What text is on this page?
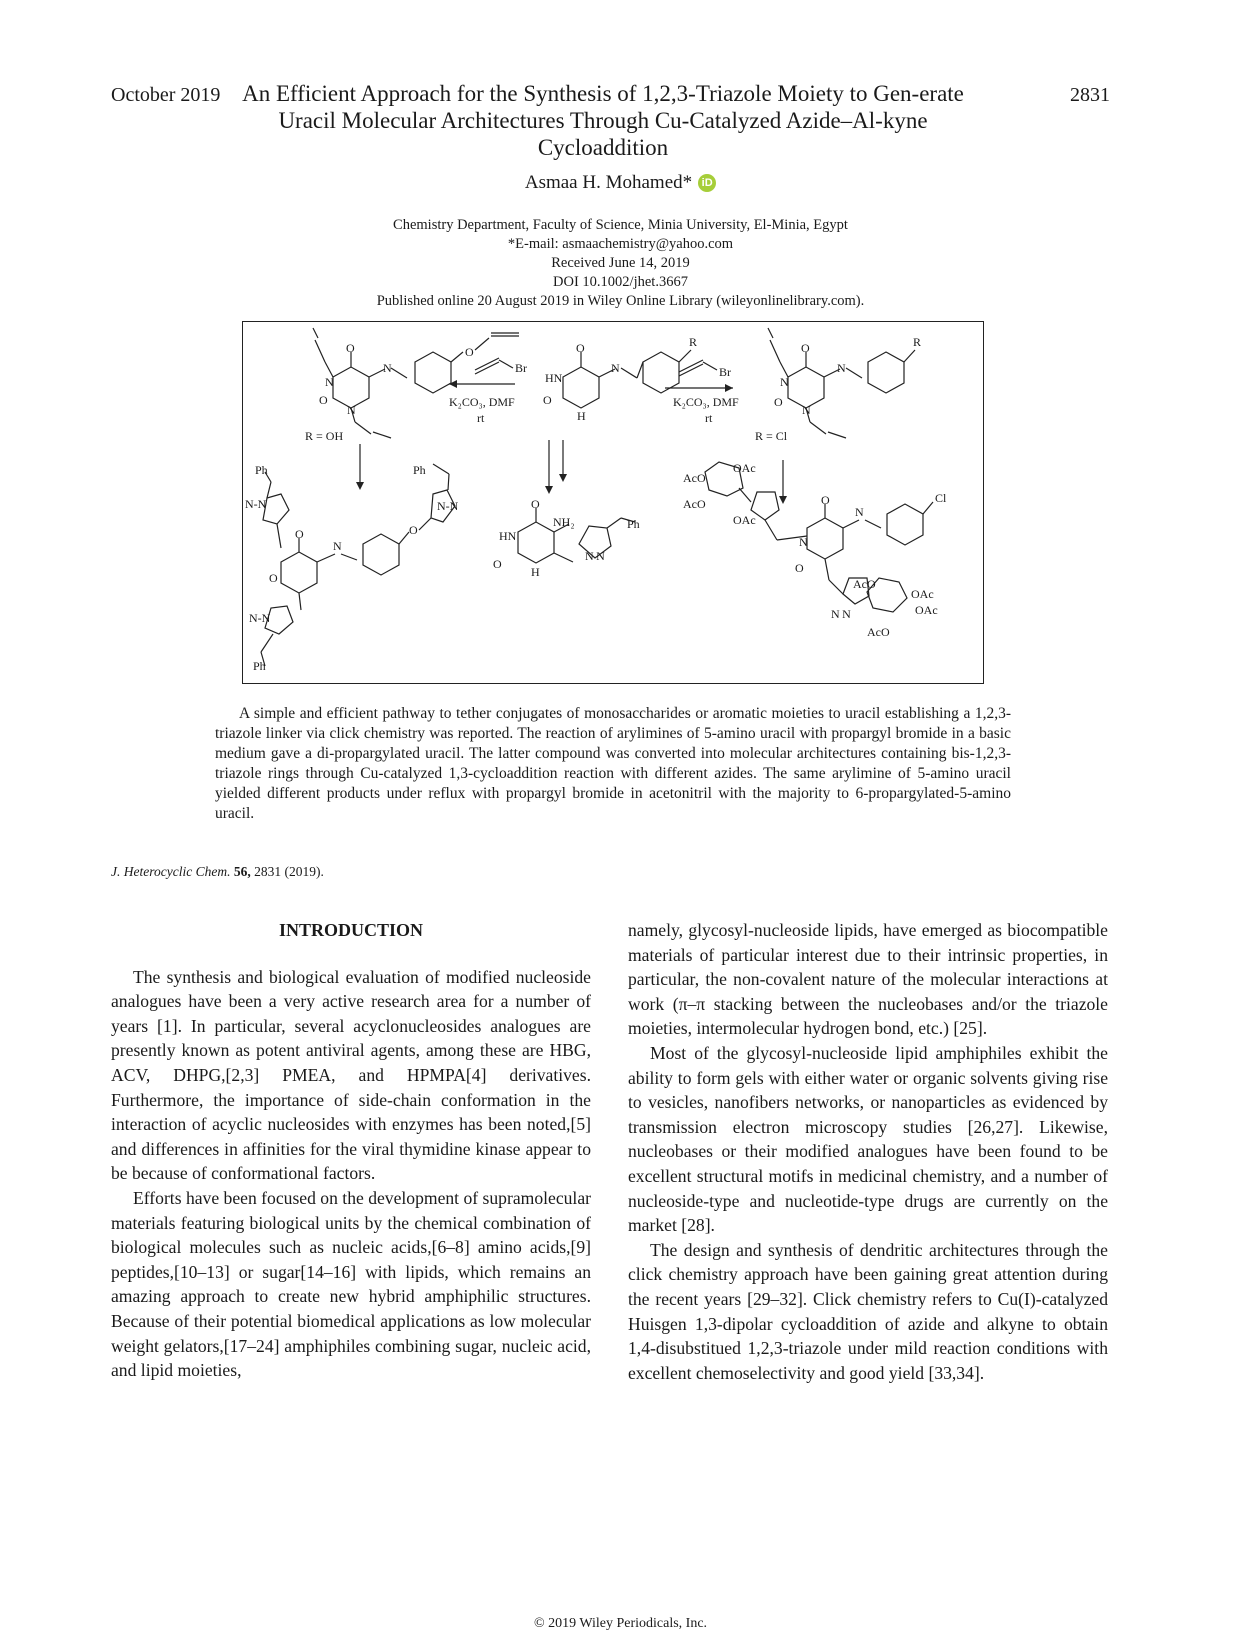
October 2019	2831
An Efficient Approach for the Synthesis of 1,2,3-Triazole Moiety to Gen-erate Uracil Molecular Architectures Through Cu-Catalyzed Azide–Al-kyne Cycloaddition
Asmaa H. Mohamed* iD
Chemistry Department, Faculty of Science, Minia University, El-Minia, Egypt
*E-mail: asmaachemistry@yahoo.com
Received June 14, 2019
DOI 10.1002/jhet.3667
Published online 20 August 2019 in Wiley Online Library (wileyonlinelibrary.com).
O
HN
O
H
N
R
O
N
O
N
N
O	O
N
O
N
N
R
Br
K₂CO₃, DMF
rt
Br
K₂CO₃, DMF
rt
R = OH	R = Cl
Ph	Ph
Ph
Ph
N‐N	N‐N
N‐N
N N
O
O
N
O
O
HN
O
H
NH₂
AcO
AcO
OAc
OAc
O
N
O
N
Cl
AcO
OAc
OAc
AcO
N N
A simple and efficient pathway to tether conjugates of monosaccharides or aromatic moieties to uracil establishing a 1,2,3-triazole linker via click chemistry was reported. The reaction of arylimines of 5-amino uracil with propargyl bromide in a basic medium gave a di-propargylated uracil. The latter compound was converted into molecular architectures containing bis-1,2,3-triazole rings through Cu-catalyzed 1,3-cycloaddition reaction with different azides. The same arylimine of 5-amino uracil yielded different products under reflux with propargyl bromide in acetonitril with the majority to 6-propargylated-5-amino uracil.
J. Heterocyclic Chem. 56, 2831 (2019).

INTRODUCTION

The synthesis and biological evaluation of modified nucleoside analogues have been a very active research area for a number of years [1]. In particular, several acyclonucleosides analogues are presently known as potent antiviral agents, among these are HBG, ACV, DHPG,[2,3] PMEA, and HPMPA[4] derivatives. Furthermore, the importance of side-chain conformation in the interaction of acyclic nucleosides with enzymes has been noted,[5] and differences in affinities for the viral thymidine kinase appear to be because of conformational factors.

Efforts have been focused on the development of supramolecular materials featuring biological units by the chemical combination of biological molecules such as nucleic acids,[6–8] amino acids,[9] peptides,[10–13] or sugar[14–16] with lipids, which remains an amazing approach to create new hybrid amphiphilic structures. Because of their potential biomedical applications as low molecular weight gelators,[17–24] amphiphiles combining sugar, nucleic acid, and lipid moieties,

namely, glycosyl-nucleoside lipids, have emerged as biocompatible materials of particular interest due to their intrinsic properties, in particular, the non-covalent nature of the molecular interactions at work (π–π stacking between the nucleobases and/or the triazole moieties, intermolecular hydrogen bond, etc.) [25].

Most of the glycosyl-nucleoside lipid amphiphiles exhibit the ability to form gels with either water or organic solvents giving rise to vesicles, nanofibers networks, or nanoparticles as evidenced by transmission electron microscopy studies [26,27]. Likewise, nucleobases or their modified analogues have been found to be excellent structural motifs in medicinal chemistry, and a number of nucleoside-type and nucleotide-type drugs are currently on the market [28].

The design and synthesis of dendritic architectures through the click chemistry approach have been gaining great attention during the recent years [29–32]. Click chemistry refers to Cu(I)-catalyzed Huisgen 1,3-dipolar cycloaddition of azide and alkyne to obtain 1,4-disubstitued 1,2,3-triazole under mild reaction conditions with excellent chemoselectivity and good yield [33,34].

© 2019 Wiley Periodicals, Inc.
